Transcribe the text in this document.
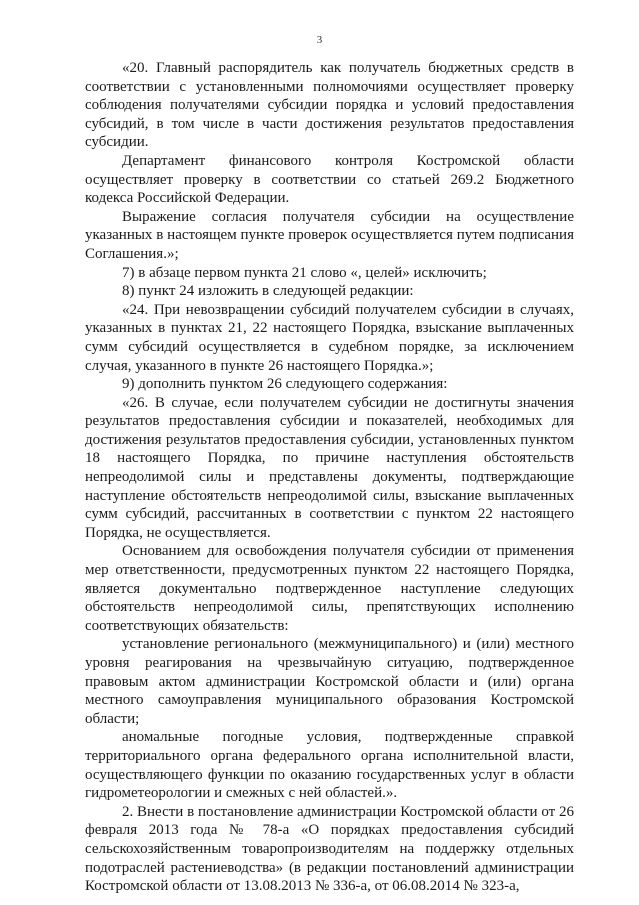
3

«20. Главный распорядитель как получатель бюджетных средств в соответствии с установленными полномочиями осуществляет проверку соблюдения получателями субсидии порядка и условий предоставления субсидий, в том числе в части достижения результатов предоставления субсидии.

Департамент финансового контроля Костромской области осуществляет проверку в соответствии со статьей 269.2 Бюджетного кодекса Российской Федерации.

Выражение согласия получателя субсидии на осуществление указанных в настоящем пункте проверок осуществляется путем подписания Соглашения.»;

7) в абзаце первом пункта 21 слово «, целей» исключить;

8) пункт 24 изложить в следующей редакции:

«24. При невозвращении субсидий получателем субсидии в случаях, указанных в пунктах 21, 22 настоящего Порядка, взыскание выплаченных сумм субсидий осуществляется в судебном порядке, за исключением случая, указанного в пункте 26 настоящего Порядка.»;

9) дополнить пунктом 26 следующего содержания:

«26. В случае, если получателем субсидии не достигнуты значения результатов предоставления субсидии и показателей, необходимых для достижения результатов предоставления субсидии, установленных пунктом 18 настоящего Порядка, по причине наступления обстоятельств непреодолимой силы и представлены документы, подтверждающие наступление обстоятельств непреодолимой силы, взыскание выплаченных сумм субсидий, рассчитанных в соответствии с пунктом 22 настоящего Порядка, не осуществляется.

Основанием для освобождения получателя субсидии от применения мер ответственности, предусмотренных пунктом 22 настоящего Порядка, является документально подтвержденное наступление следующих обстоятельств непреодолимой силы, препятствующих исполнению соответствующих обязательств:

установление регионального (межмуниципального) и (или) местного уровня реагирования на чрезвычайную ситуацию, подтвержденное правовым актом администрации Костромской области и (или) органа местного самоуправления муниципального образования Костромской области;

аномальные погодные условия, подтвержденные справкой территориального органа федерального органа исполнительной власти, осуществляющего функции по оказанию государственных услуг в области гидрометеорологии и смежных с ней областей.».

2. Внести в постановление администрации Костромской области от 26 февраля 2013 года № 78-а «О порядках предоставления субсидий сельскохозяйственным товаропроизводителям на поддержку отдельных подотраслей растениеводства» (в редакции постановлений администрации Костромской области от 13.08.2013 № 336-а, от 06.08.2014 № 323-а,
